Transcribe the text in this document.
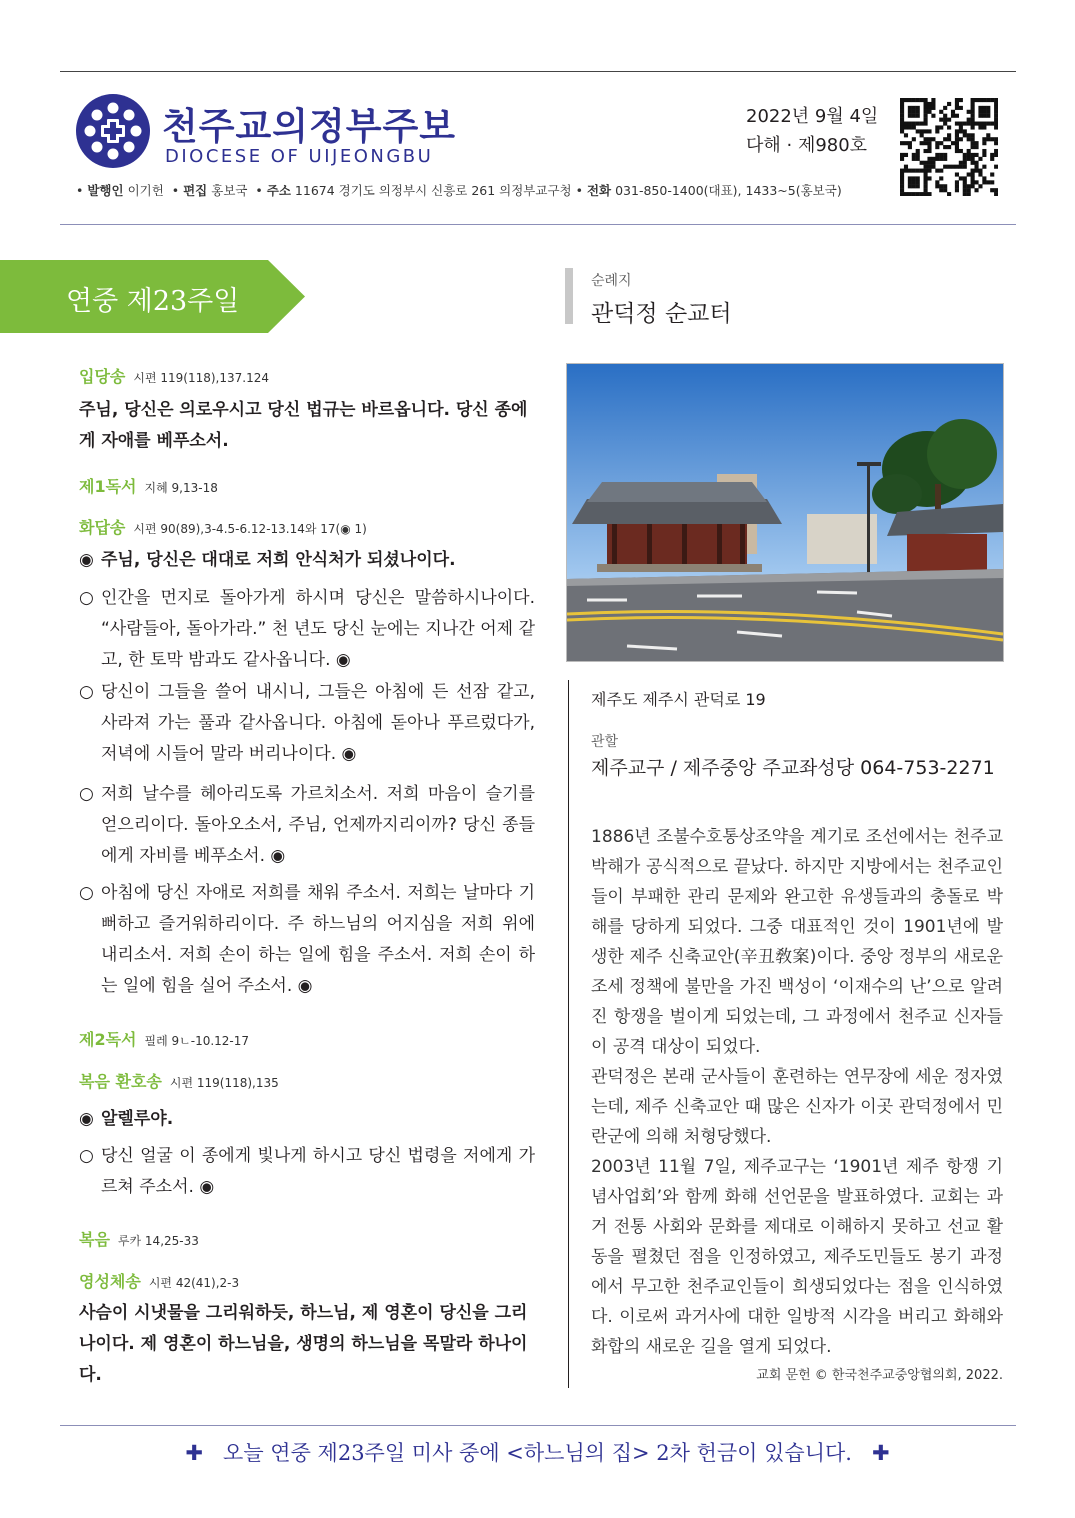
천주교의정부주보
DIOCESE OF UIJEONGBU
2022년 9월 4일
다해 · 제980호
• 발행인 이기헌  • 편집 홍보국  • 주소 11674 경기도 의정부시 신흥로 261 의정부교구청 • 전화 031-850-1400(대표), 1433~5(홍보국)
연중 제23주일
입당송 시편 119(118),137.124
주님, 당신은 의로우시고 당신 법규는 바르옵니다. 당신 종에게 자애를 베푸소서.
제1독서 지혜 9,13-18
화답송 시편 90(89),3-4.5-6.12-13.14와 17(◉ 1)
◉ 주님, 당신은 대대로 저희 안식처가 되셨나이다.
○ 인간을 먼지로 돌아가게 하시며 당신은 말씀하시나이다. “사람들아, 돌아가라.” 천 년도 당신 눈에는 지나간 어제 같고, 한 토막 밤과도 같사옵니다. ◉
○ 당신이 그들을 쓸어 내시니, 그들은 아침에 든 선잠 같고, 사라져 가는 풀과 같사옵니다. 아침에 돋아나 푸르렀다가, 저녁에 시들어 말라 버리나이다. ◉
○ 저희 날수를 헤아리도록 가르치소서. 저희 마음이 슬기를 얻으리이다. 돌아오소서, 주님, 언제까지리이까? 당신 종들에게 자비를 베푸소서. ◉
○ 아침에 당신 자애로 저희를 채워 주소서. 저희는 날마다 기뻐하고 즐거워하리이다. 주 하느님의 어지심을 저희 위에 내리소서. 저희 손이 하는 일에 힘을 주소서. 저희 손이 하는 일에 힘을 실어 주소서. ◉
제2독서 필레 9ㄴ-10.12-17
복음 환호송 시편 119(118),135
◉ 알렐루야.
○ 당신 얼굴 이 종에게 빛나게 하시고 당신 법령을 저에게 가르쳐 주소서. ◉
복음 루카 14,25-33
영성체송 시편 42(41),2-3
사슴이 시냇물을 그리워하듯, 하느님, 제 영혼이 당신을 그리나이다. 제 영혼이 하느님을, 생명의 하느님을 목말라 하나이다.
순례지
관덕정 순교터
제주도 제주시 관덕로 19
관할
제주교구 / 제주중앙 주교좌성당 064-753-2271

1886년 조불수호통상조약을 계기로 조선에서는 천주교 박해가 공식적으로 끝났다. 하지만 지방에서는 천주교인들이 부패한 관리 문제와 완고한 유생들과의 충돌로 박해를 당하게 되었다. 그중 대표적인 것이 1901년에 발생한 제주 신축교안(辛丑敎案)이다. 중앙 정부의 새로운 조세 정책에 불만을 가진 백성이 ‘이재수의 난’으로 알려진 항쟁을 벌이게 되었는데, 그 과정에서 천주교 신자들이 공격 대상이 되었다.

관덕정은 본래 군사들이 훈련하는 연무장에 세운 정자였는데, 제주 신축교안 때 많은 신자가 이곳 관덕정에서 민란군에 의해 처형당했다.

2003년 11월 7일, 제주교구는 ‘1901년 제주 항쟁 기념사업회’와 함께 화해 선언문을 발표하였다. 교회는 과거 전통 사회와 문화를 제대로 이해하지 못하고 선교 활동을 펼쳤던 점을 인정하였고, 제주도민들도 봉기 과정에서 무고한 천주교인들이 희생되었다는 점을 인식하였다. 이로써 과거사에 대한 일방적 시각을 버리고 화해와 화합의 새로운 길을 열게 되었다.

교회 문헌 © 한국천주교중앙협의회, 2022.
✚ 오늘 연중 제23주일 미사 중에 <하느님의 집> 2차 헌금이 있습니다. ✚
